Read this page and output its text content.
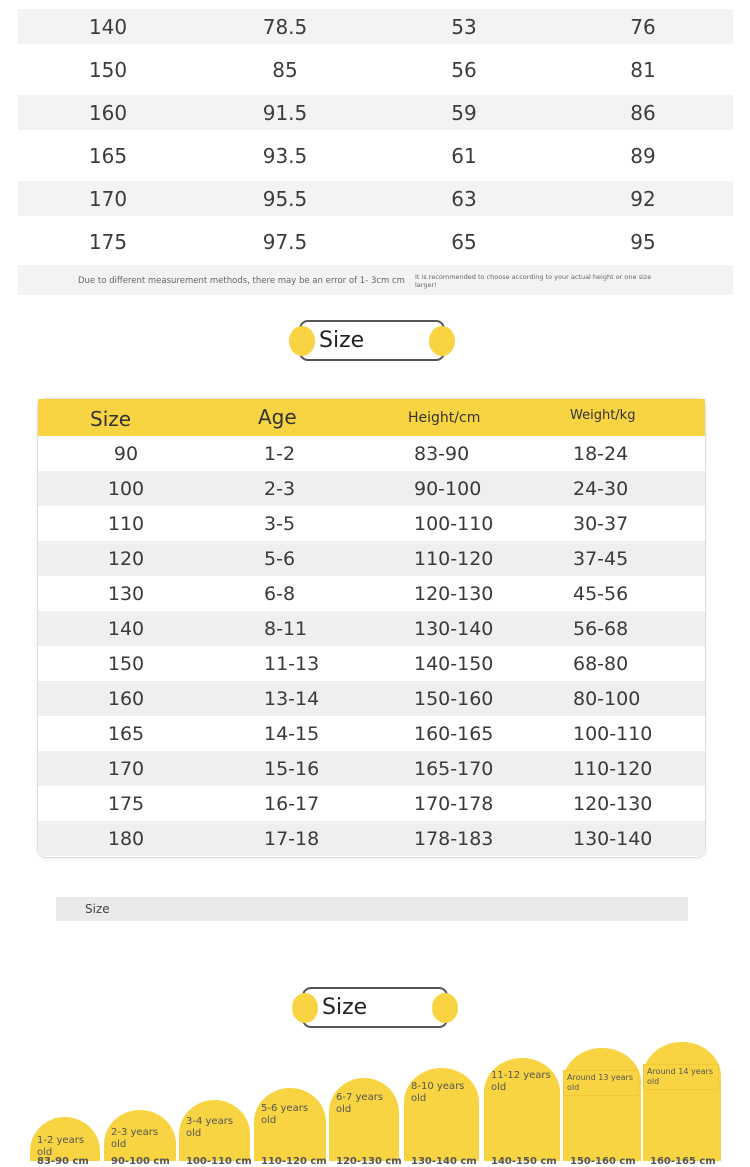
140	78.5	53	76
150	85	56	81
160	91.5	59	86
165	93.5	61	89
170	95.5	63	92
175	97.5	65	95
Due to different measurement methods, there may be an error of 1- 3cm cm It is recommended to choose according to your actual height or one size larger!
Size
Size	Age	Height/cm	Weight/kg
90	1-2	83-90	18-24
100	2-3	90-100	24-30
110	3-5	100-110	30-37
120	5-6	110-120	37-45
130	6-8	120-130	45-56
140	8-11	130-140	56-68
150	11-13	140-150	68-80
160	13-14	150-160	80-100
165	14-15	160-165	100-110
170	15-16	165-170	110-120
175	16-17	170-178	120-130
180	17-18	178-183	130-140
Size
Size
1-2 years old
83-90 cm
2-3 years old
90-100 cm
3-4 years old
100-110 cm
5-6 years old
110-120 cm
6-7 years old
120-130 cm
8-10 years old
130-140 cm
11-12 years old
140-150 cm
Around 13 years old
150-160 cm
Around 14 years old
160-165 cm
